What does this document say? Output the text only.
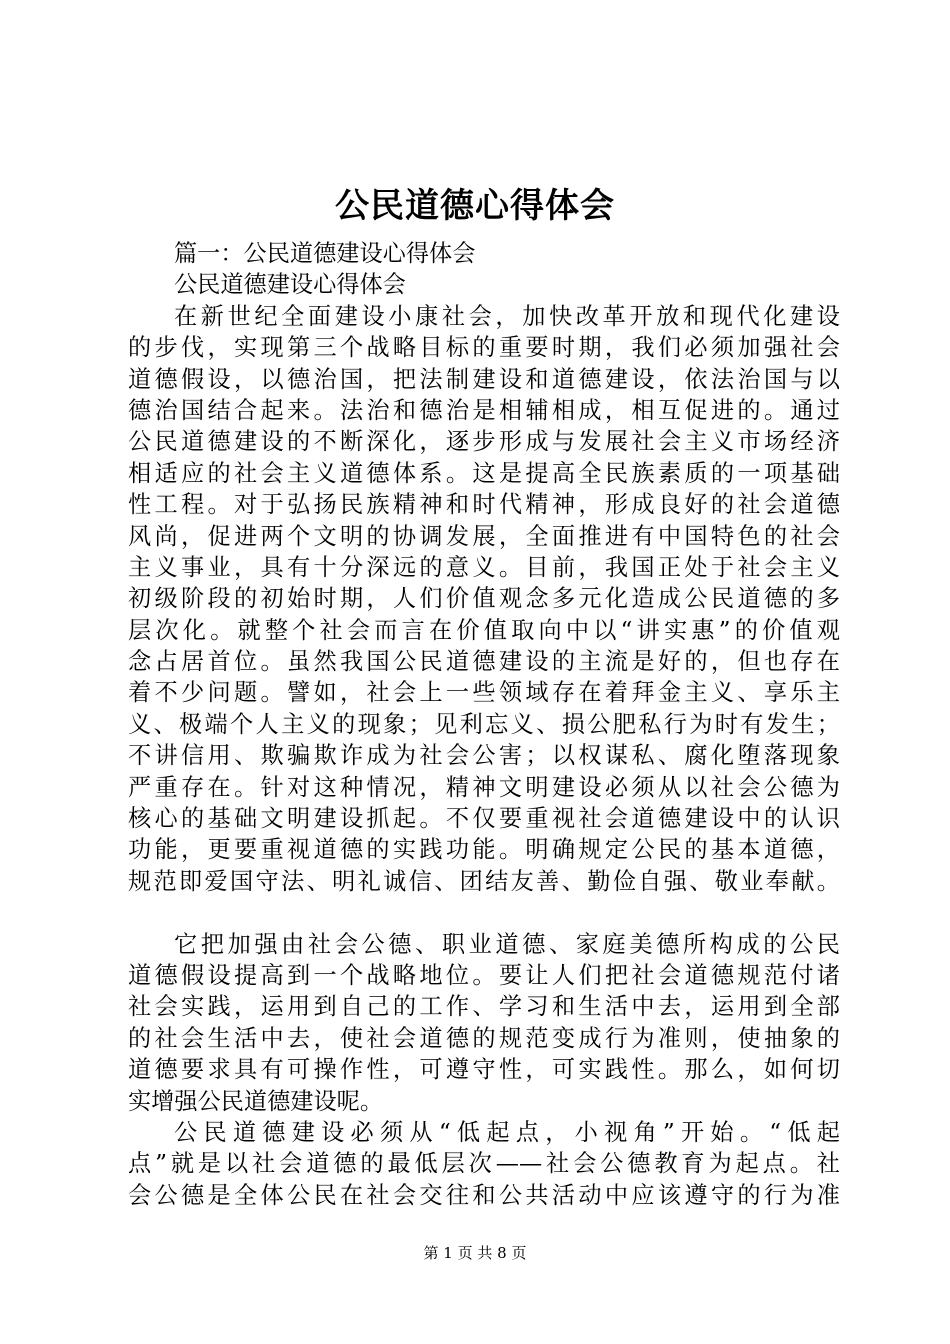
公民道德心得体会
篇一：公民道德建设心得体会
公民道德建设心得体会
在新世纪全面建设小康社会，加快改革开放和现代化建设
的步伐，实现第三个战略目标的重要时期，我们必须加强社会
道德假设，以德治国，把法制建设和道德建设，依法治国与以
德治国结合起来。法治和德治是相辅相成，相互促进的。通过
公民道德建设的不断深化，逐步形成与发展社会主义市场经济
相适应的社会主义道德体系。这是提高全民族素质的一项基础
性工程。对于弘扬民族精神和时代精神，形成良好的社会道德
风尚，促进两个文明的协调发展，全面推进有中国特色的社会
主义事业，具有十分深远的意义。目前，我国正处于社会主义
初级阶段的初始时期，人们价值观念多元化造成公民道德的多
层次化。就整个社会而言在价值取向中以“讲实惠”的价值观
念占居首位。虽然我国公民道德建设的主流是好的，但也存在
着不少问题。譬如，社会上一些领域存在着拜金主义、享乐主
义、极端个人主义的现象；见利忘义、损公肥私行为时有发生；
不讲信用、欺骗欺诈成为社会公害；以权谋私、腐化堕落现象
严重存在。针对这种情况，精神文明建设必须从以社会公德为
核心的基础文明建设抓起。不仅要重视社会道德建设中的认识
功能，更要重视道德的实践功能。明确规定公民的基本道德，
规范即爱国守法、明礼诚信、团结友善、勤俭自强、敬业奉献。
它把加强由社会公德、职业道德、家庭美德所构成的公民
道德假设提高到一个战略地位。要让人们把社会道德规范付诸
社会实践，运用到自己的工作、学习和生活中去，运用到全部
的社会生活中去，使社会道德的规范变成行为准则，使抽象的
道德要求具有可操作性，可遵守性，可实践性。那么，如何切
实增强公民道德建设呢。
公民道德建设必须从“低起点，小视角”开始。“低起
点”就是以社会道德的最低层次——社会公德教育为起点。社
会公德是全体公民在社会交往和公共活动中应该遵守的行为准
第 1 页 共 8 页
